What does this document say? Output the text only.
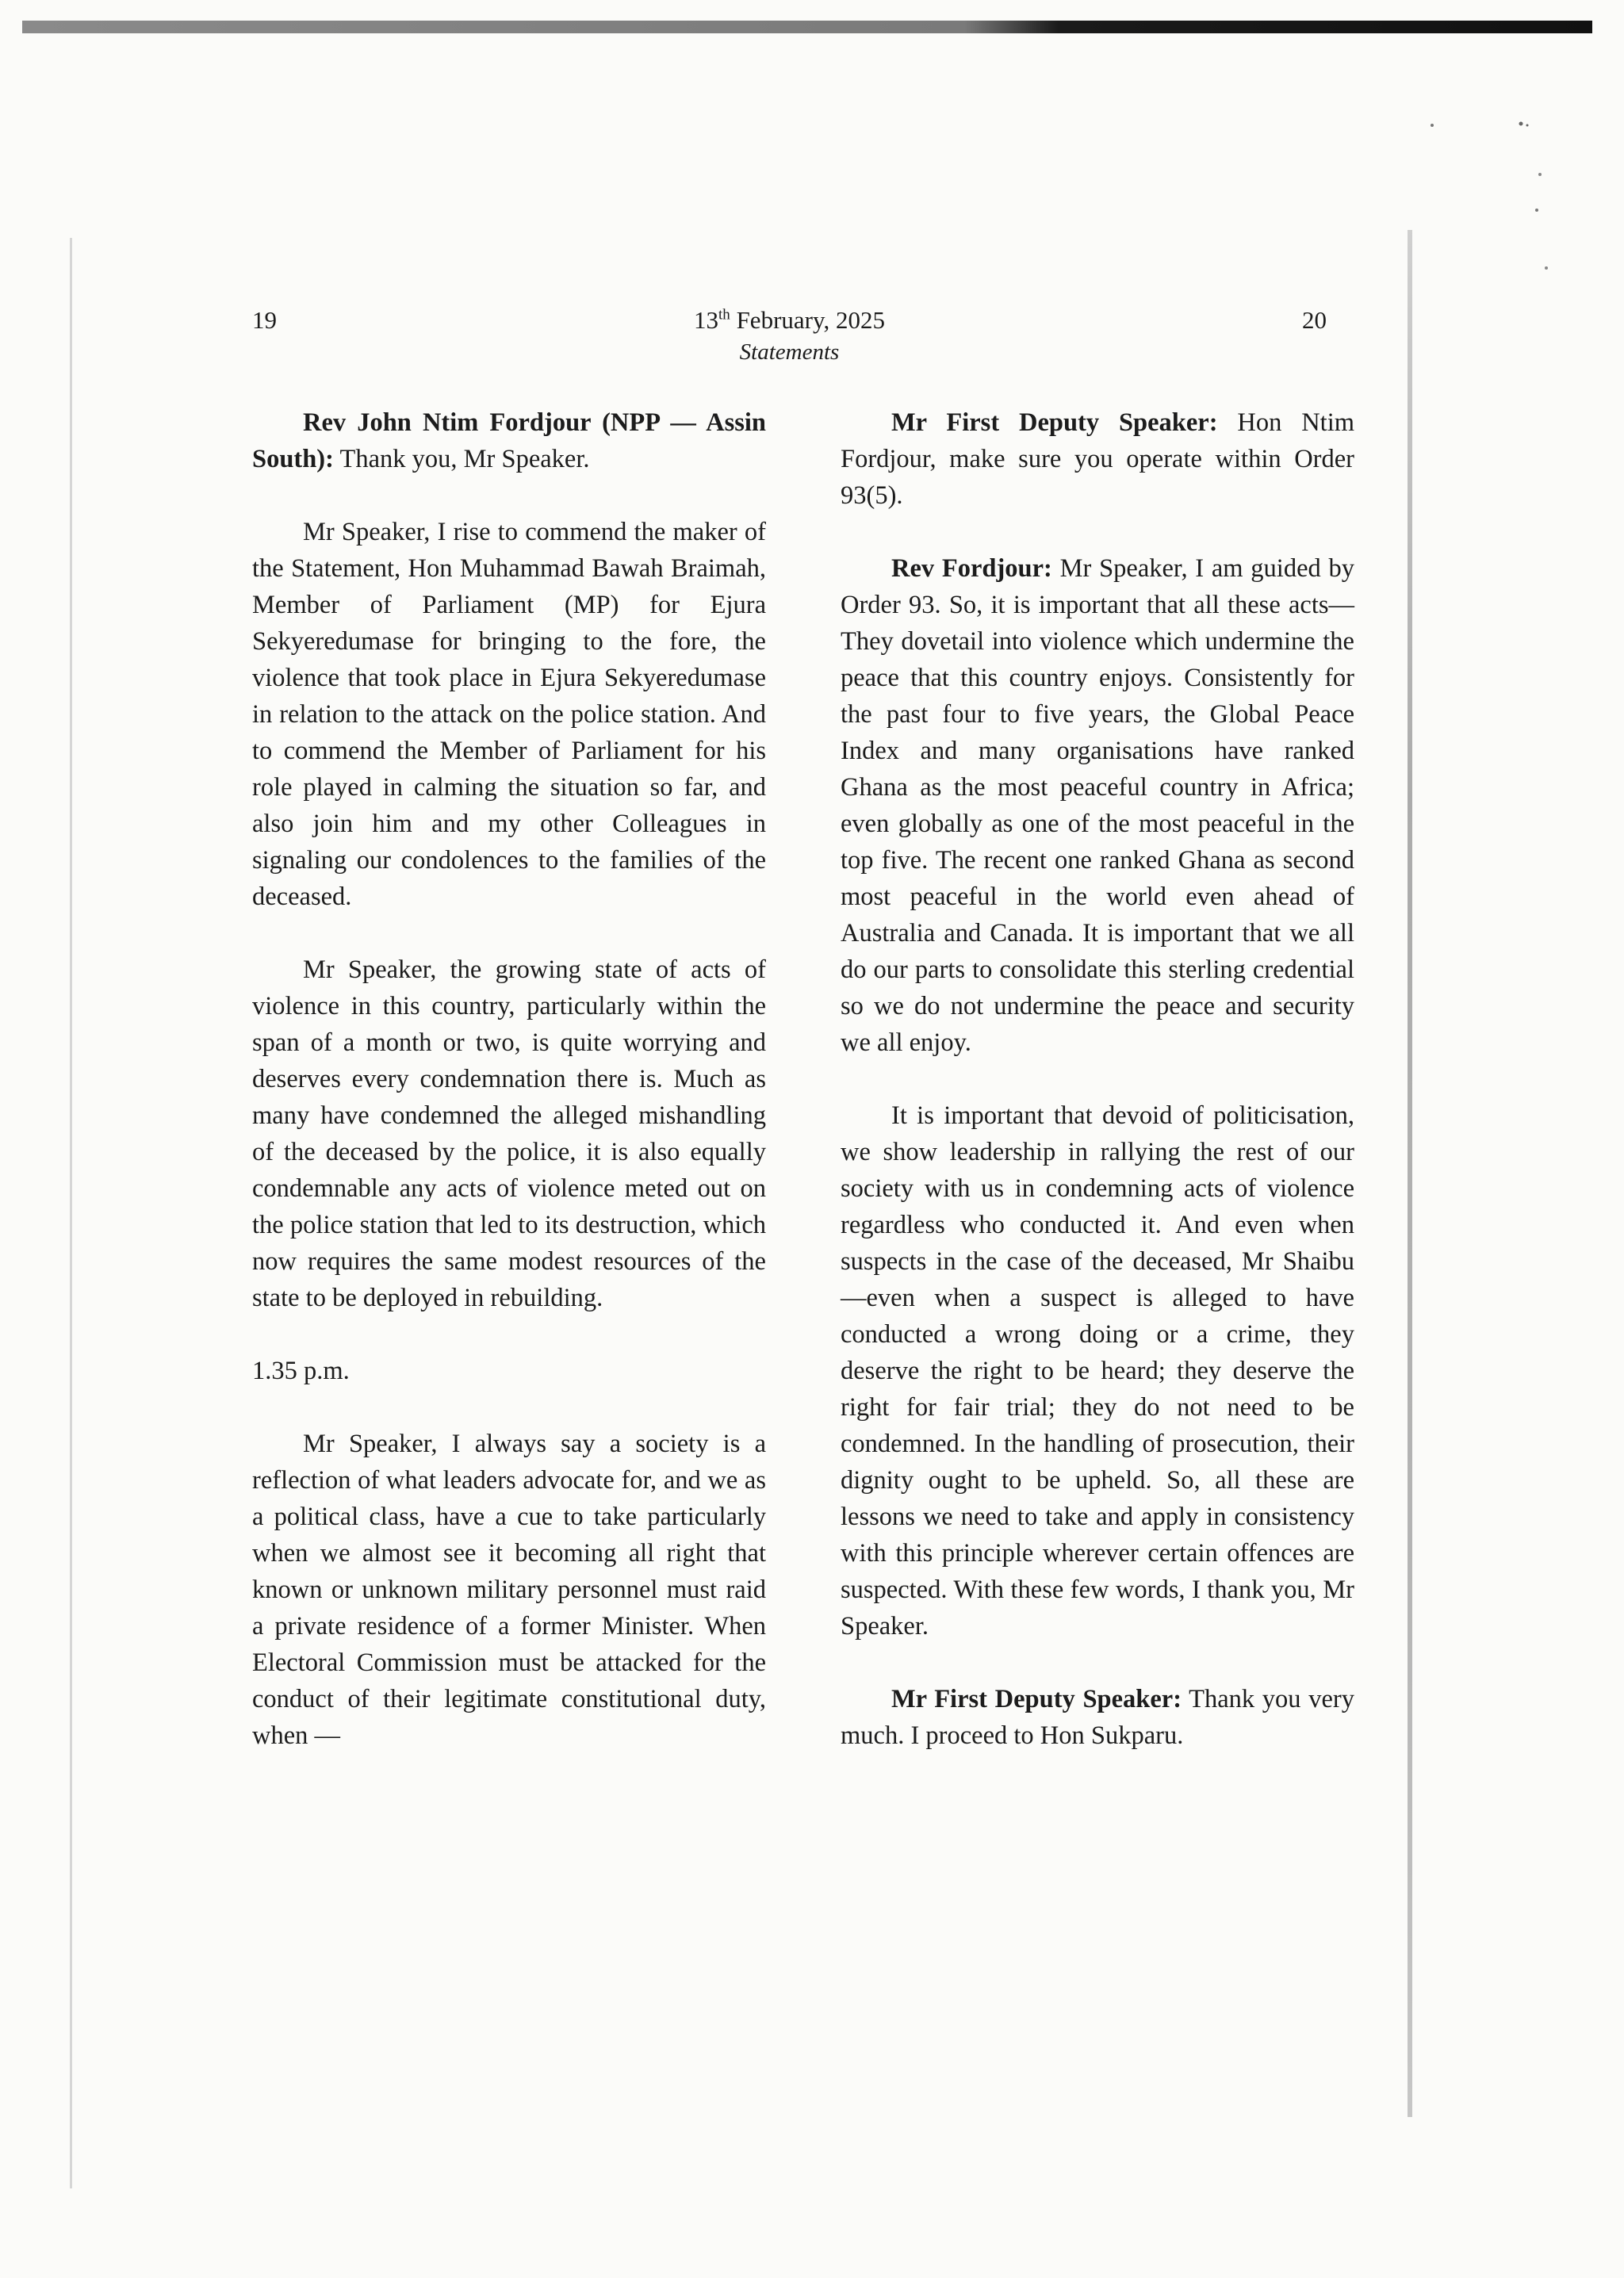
19	13th February, 2025
Statements
20

Rev John Ntim Fordjour (NPP — Assin South): Thank you, Mr Speaker.

Mr Speaker, I rise to commend the maker of the Statement, Hon Muhammad Bawah Braimah, Member of Parliament (MP) for Ejura Sekyeredumase for bringing to the fore, the violence that took place in Ejura Sekyeredumase in relation to the attack on the police station. And to commend the Member of Parliament for his role played in calming the situation so far, and also join him and my other Colleagues in signaling our condolences to the families of the deceased.

Mr Speaker, the growing state of acts of violence in this country, particularly within the span of a month or two, is quite worrying and deserves every condemnation there is. Much as many have condemned the alleged mishandling of the deceased by the police, it is also equally condemnable any acts of violence meted out on the police station that led to its destruction, which now requires the same modest resources of the state to be deployed in rebuilding.

1.35 p.m.

Mr Speaker, I always say a society is a reflection of what leaders advocate for, and we as a political class, have a cue to take particularly when we almost see it becoming all right that known or unknown military personnel must raid a private residence of a former Minister. When Electoral Commission must be attacked for the conduct of their legitimate constitutional duty, when —

Mr First Deputy Speaker: Hon Ntim Fordjour, make sure you operate within Order 93(5).

Rev Fordjour: Mr Speaker, I am guided by Order 93. So, it is important that all these acts—They dovetail into violence which undermine the peace that this country enjoys. Consistently for the past four to five years, the Global Peace Index and many organisations have ranked Ghana as the most peaceful country in Africa; even globally as one of the most peaceful in the top five. The recent one ranked Ghana as second most peaceful in the world even ahead of Australia and Canada. It is important that we all do our parts to consolidate this sterling credential so we do not undermine the peace and security we all enjoy.

It is important that devoid of politicisation, we show leadership in rallying the rest of our society with us in condemning acts of violence regardless who conducted it. And even when suspects in the case of the deceased, Mr Shaibu—even when a suspect is alleged to have conducted a wrong doing or a crime, they deserve the right to be heard; they deserve the right for fair trial; they do not need to be condemned. In the handling of prosecution, their dignity ought to be upheld. So, all these are lessons we need to take and apply in consistency with this principle wherever certain offences are suspected. With these few words, I thank you, Mr Speaker.

Mr First Deputy Speaker: Thank you very much. I proceed to Hon Sukparu.
